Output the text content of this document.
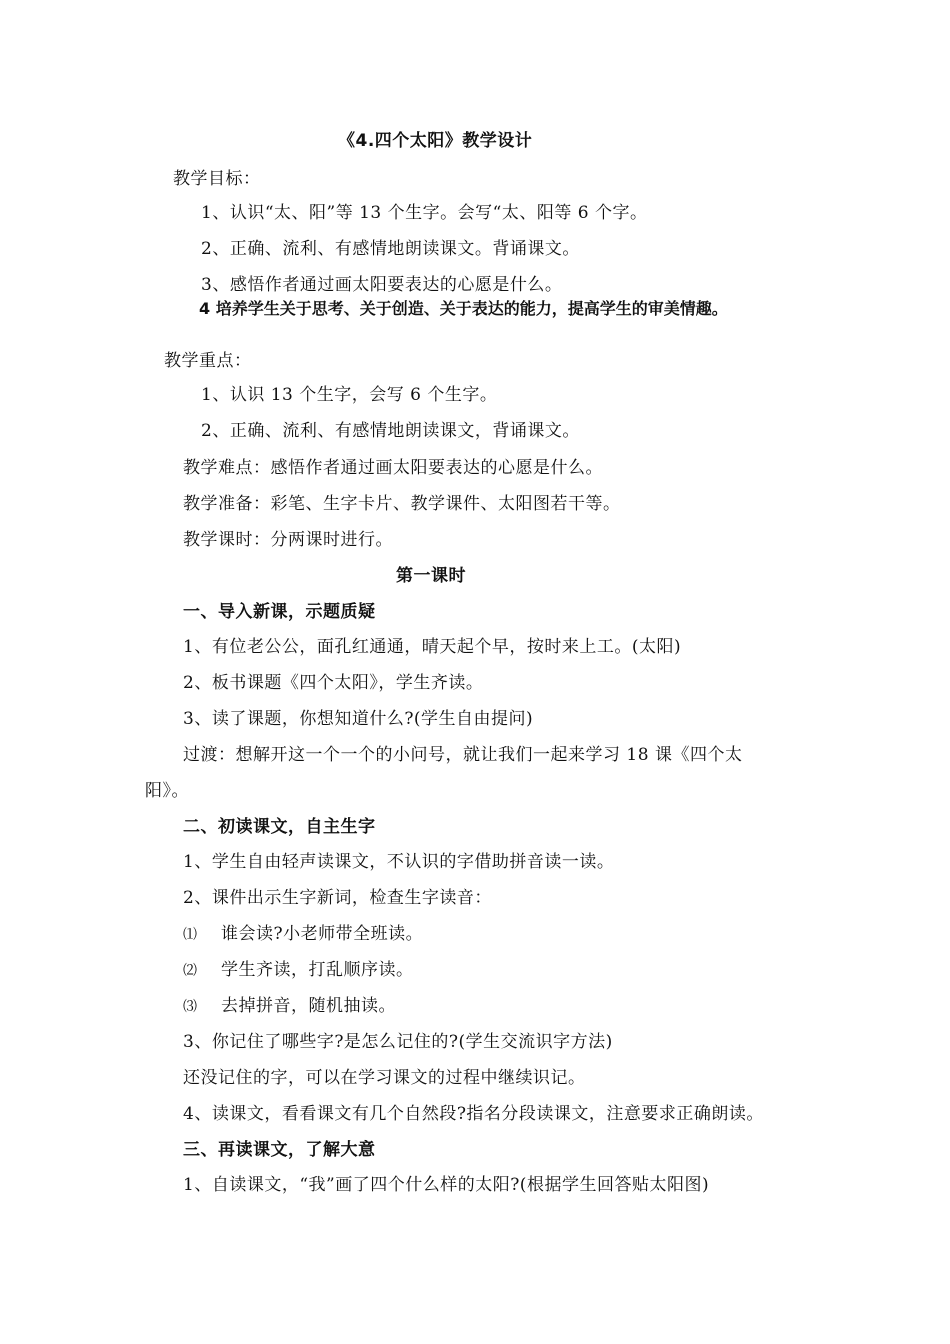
《4.四个太阳》教学设计
教学目标：
1、认识“太、阳”等 13 个生字。会写“太、阳等 6 个字。
2、正确、流利、有感情地朗读课文。背诵课文。
3、感悟作者通过画太阳要表达的心愿是什么。
4 培养学生关于思考、关于创造、关于表达的能力，提高学生的审美情趣。
教学重点：
1、认识 13 个生字，会写 6 个生字。
2、正确、流利、有感情地朗读课文，背诵课文。
教学难点：感悟作者通过画太阳要表达的心愿是什么。
教学准备：彩笔、生字卡片、教学课件、太阳图若干等。
教学课时：分两课时进行。
第一课时
一、导入新课，示题质疑
1、有位老公公，面孔红通通，晴天起个早，按时来上工。(太阳)
2、板书课题《四个太阳》，学生齐读。
3、读了课题，你想知道什么?(学生自由提问)
过渡：想解开这一个一个的小问号，就让我们一起来学习 18 课《四个太
阳》。
二、初读课文，自主生字
1、学生自由轻声读课文，不认识的字借助拼音读一读。
2、课件出示生字新词，检查生字读音：
⑴ 谁会读?小老师带全班读。
⑵ 学生齐读，打乱顺序读。
⑶ 去掉拼音，随机抽读。
3、你记住了哪些字?是怎么记住的?(学生交流识字方法)
还没记住的字，可以在学习课文的过程中继续识记。
4、读课文，看看课文有几个自然段?指名分段读课文，注意要求正确朗读。
三、再读课文，了解大意
1、自读课文，“我”画了四个什么样的太阳?(根据学生回答贴太阳图)
